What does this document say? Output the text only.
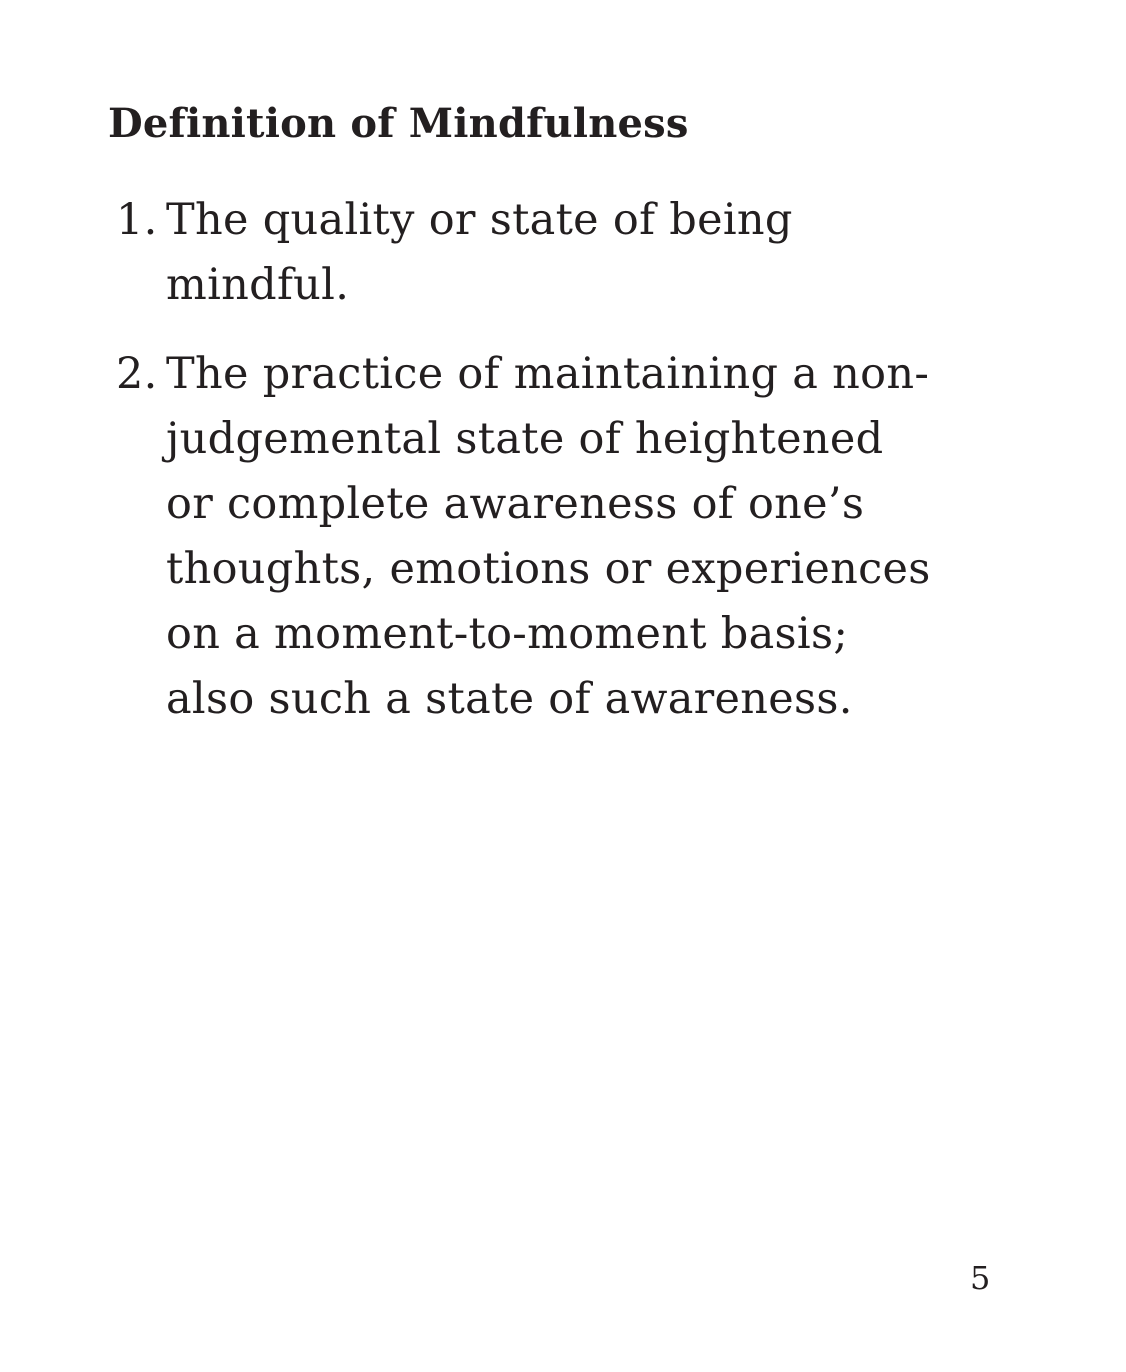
Definition of Mindfulness
1. The quality or state of being
mindful.

2. The practice of maintaining a non-
judgemental state of heightened
or complete awareness of one’s
thoughts, emotions or experiences
on a moment-to-moment basis;
also such a state of awareness.

5
